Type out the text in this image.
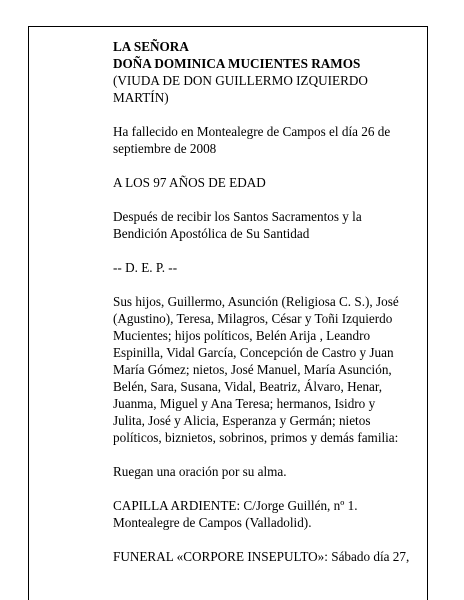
LA SEÑORA
DOÑA DOMINICA MUCIENTES RAMOS
(VIUDA DE DON GUILLERMO IZQUIERDO
MARTÍN)

Ha fallecido en Montealegre de Campos el día 26 de
septiembre de 2008

A LOS 97 AÑOS DE EDAD

Después de recibir los Santos Sacramentos y la
Bendición Apostólica de Su Santidad

-- D. E. P. --

Sus hijos, Guillermo, Asunción (Religiosa C. S.), José
(Agustino), Teresa, Milagros, César y Toñi Izquierdo
Mucientes; hijos políticos, Belén Arija , Leandro
Espinilla, Vidal García, Concepción de Castro y Juan
María Gómez; nietos, José Manuel, María Asunción,
Belén, Sara, Susana, Vidal, Beatriz, Álvaro, Henar,
Juanma, Miguel y Ana Teresa; hermanos, Isidro y
Julita, José y Alicia, Esperanza y Germán; nietos
políticos, biznietos, sobrinos, primos y demás familia:

Ruegan una oración por su alma.

CAPILLA ARDIENTE: C/Jorge Guillén, nº 1.
Montealegre de Campos (Valladolid).

FUNERAL «CORPORE INSEPULTO»: Sábado día 27,
